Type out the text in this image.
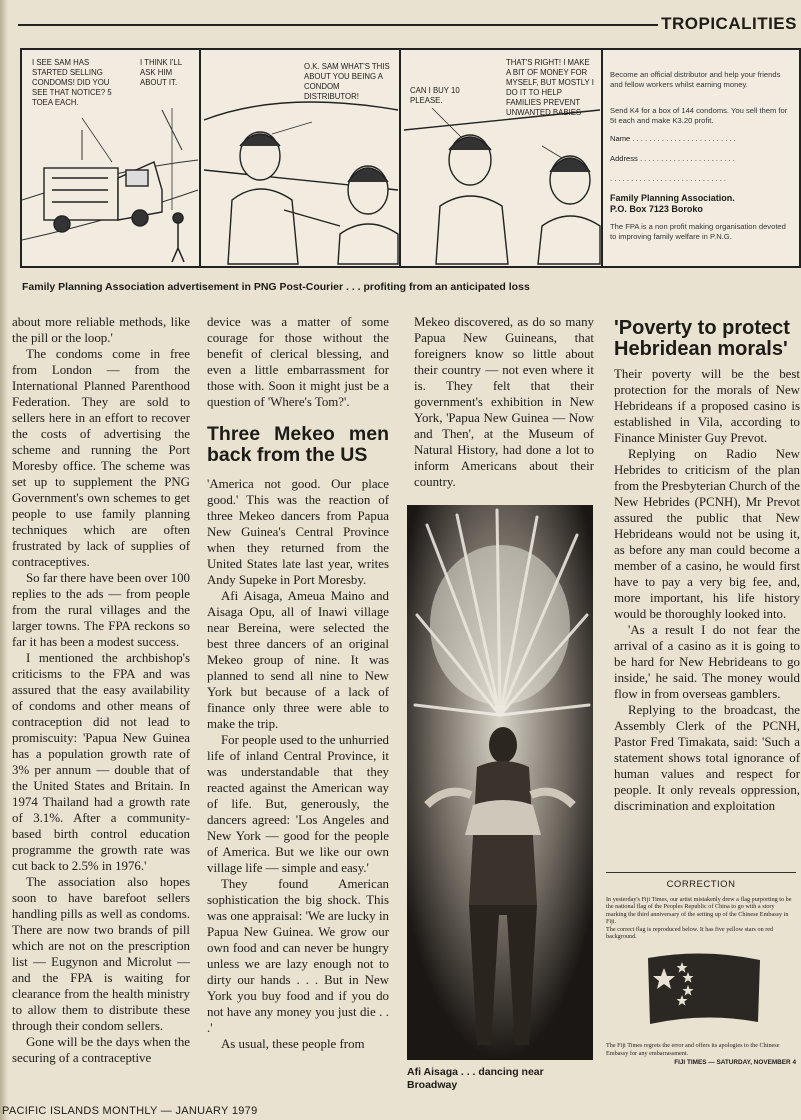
TROPICALITIES
I SEE SAM HAS STARTED SELLING CONDOMS! DID YOU SEE THAT NOTICE? 5 TOEA EACH.
I THINK I'LL ASK HIM ABOUT IT.
O.K. SAM WHAT'S THIS ABOUT YOU BEING A CONDOM DISTRIBUTOR!
CAN I BUY 10 PLEASE.
THAT'S RIGHT! I MAKE A BIT OF MONEY FOR MYSELF, BUT MOSTLY I DO IT TO HELP FAMILIES PREVENT UNWANTED BABIES
Become an official distributor and help your friends and fellow workers whilst earning money.
Send K4 for a box of 144 condoms. You sell them for 5t each and make K3.20 profit.
Name . . . . . . . . . . . . . . . . . . . . . . . . .
Address . . . . . . . . . . . . . . . . . . . . . . .
. . . . . . . . . . . . . . . . . . . . . . . . . . . .
Family Planning Association.
P.O. Box 7123 Boroko
The FPA is a non profit making organisation devoted to improving family welfare in P.N.G.
Family Planning Association advertisement in PNG Post-Courier . . . profiting from an anticipated loss

about more reliable methods, like the pill or the loop.'

The condoms come in free from London — from the International Planned Parenthood Federation. They are sold to sellers here in an effort to recover the costs of advertising the scheme and running the Port Moresby office. The scheme was set up to supplement the PNG Government's own schemes to get people to use family planning techniques which are often frustrated by lack of supplies of contraceptives.

So far there have been over 100 replies to the ads — from people from the rural villages and the larger towns. The FPA reckons so far it has been a modest success.

I mentioned the archbishop's criticisms to the FPA and was assured that the easy availability of condoms and other means of contraception did not lead to promiscuity: 'Papua New Guinea has a population growth rate of 3% per annum — double that of the United States and Britain. In 1974 Thailand had a growth rate of 3.1%. After a community-based birth control education programme the growth rate was cut back to 2.5% in 1976.'

The association also hopes soon to have barefoot sellers handling pills as well as condoms. There are now two brands of pill which are not on the prescription list — Eugynon and Microlut — and the FPA is waiting for clearance from the health ministry to allow them to distribute these through their condom sellers.

Gone will be the days when the securing of a contraceptive

device was a matter of some courage for those without the benefit of clerical blessing, and even a little embarrassment for those with. Soon it might just be a question of 'Where's Tom?'.

Three Mekeo men back from the US

'America not good. Our place good.' This was the reaction of three Mekeo dancers from Papua New Guinea's Central Province when they returned from the United States late last year, writes Andy Supeke in Port Moresby.

Afi Aisaga, Ameua Maino and Aisaga Opu, all of Inawi village near Bereina, were selected the best three dancers of an original Mekeo group of nine. It was planned to send all nine to New York but because of a lack of finance only three were able to make the trip.

For people used to the unhurried life of inland Central Province, it was understandable that they reacted against the American way of life. But, generously, the dancers agreed: 'Los Angeles and New York — good for the people of America. But we like our own village life — simple and easy.'

They found American sophistication the big shock. This was one appraisal: 'We are lucky in Papua New Guinea. We grow our own food and can never be hungry unless we are lazy enough not to dirty our hands . . . But in New York you buy food and if you do not have any money you just die . . .'

As usual, these people from

Mekeo discovered, as do so many Papua New Guineans, that foreigners know so little about their country — not even where it is. They felt that their government's exhibition in New York, 'Papua New Guinea — Now and Then', at the Museum of Natural History, had done a lot to inform Americans about their country.

Afi Aisaga . . . dancing near Broadway
'Poverty to protect Hebridean morals'

Their poverty will be the best protection for the morals of New Hebrideans if a proposed casino is established in Vila, according to Finance Minister Guy Prevot.

Replying on Radio New Hebrides to criticism of the plan from the Presbyterian Church of the New Hebrides (PCNH), Mr Prevot assured the public that New Hebrideans would not be using it, as before any man could become a member of a casino, he would first have to pay a very big fee, and, more important, his life history would be thoroughly looked into.

'As a result I do not fear the arrival of a casino as it is going to be hard for New Hebrideans to go inside,' he said. The money would flow in from overseas gamblers.

Replying to the broadcast, the Assembly Clerk of the PCNH, Pastor Fred Timakata, said: 'Such a statement shows total ignorance of human values and respect for people. It only reveals oppression, discrimination and exploitation

CORRECTION
In yesterday's Fiji Times, our artist mistakenly drew a flag purporting to be the national flag of the Peoples Republic of China to go with a story marking the third anniversary of the setting up of the Chinese Embassy in Fiji.
The correct flag is reproduced below. It has five yellow stars on red background.
The Fiji Times regrets the error and offers its apologies to the Chinese Embassy for any embarrassment.
FIJI TIMES — SATURDAY, NOVEMBER 4
PACIFIC ISLANDS MONTHLY — JANUARY 1979
